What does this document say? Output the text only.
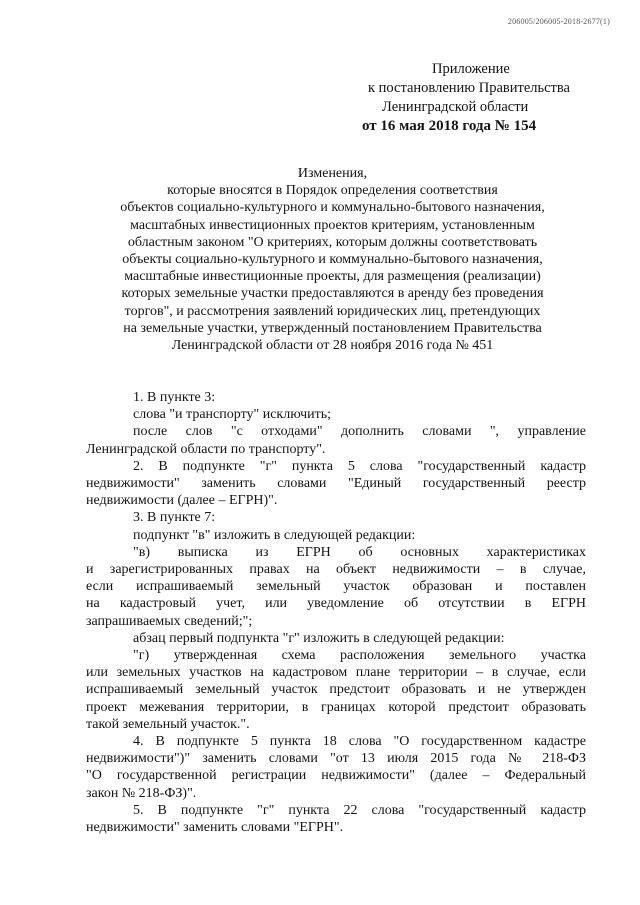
206005/206005-2018-2677(1)
Приложение
к постановлению Правительства
Ленинградской области
от 16 мая 2018 года № 154
Изменения,
которые вносятся в Порядок определения соответствия
объектов социально-культурного и коммунально-бытового назначения,
масштабных инвестиционных проектов критериям, установленным
областным законом "О критериях, которым должны соответствовать
объекты социально-культурного и коммунально-бытового назначения,
масштабные инвестиционные проекты, для размещения (реализации)
которых земельные участки предоставляются в аренду без проведения
торгов", и рассмотрения заявлений юридических лиц, претендующих
на земельные участки, утвержденный постановлением Правительства
Ленинградской области от 28 ноября 2016 года № 451
1. В пункте 3:
слова "и транспорту" исключить;
после слов "с отходами" дополнить словами ", управление
Ленинградской области по транспорту".
2. В подпункте "г" пункта 5 слова "государственный кадастр
недвижимости" заменить словами "Единый государственный реестр
недвижимости (далее – ЕГРН)".
3. В пункте 7:
подпункт "в" изложить в следующей редакции:
"в) выписка из ЕГРН об основных характеристиках
и зарегистрированных правах на объект недвижимости – в случае,
если испрашиваемый земельный участок образован и поставлен
на кадастровый учет, или уведомление об отсутствии в ЕГРН
запрашиваемых сведений;";
абзац первый подпункта "г" изложить в следующей редакции:
"г) утвержденная схема расположения земельного участка
или земельных участков на кадастровом плане территории – в случае, если
испрашиваемый земельный участок предстоит образовать и не утвержден
проект межевания территории, в границах которой предстоит образовать
такой земельный участок.".
4. В подпункте 5 пункта 18 слова "О государственном кадастре
недвижимости")" заменить словами "от 13 июля 2015 года № 218-ФЗ
"О государственной регистрации недвижимости" (далее – Федеральный
закон № 218-ФЗ)".
5. В подпункте "г" пункта 22 слова "государственный кадастр
недвижимости" заменить словами "ЕГРН".
